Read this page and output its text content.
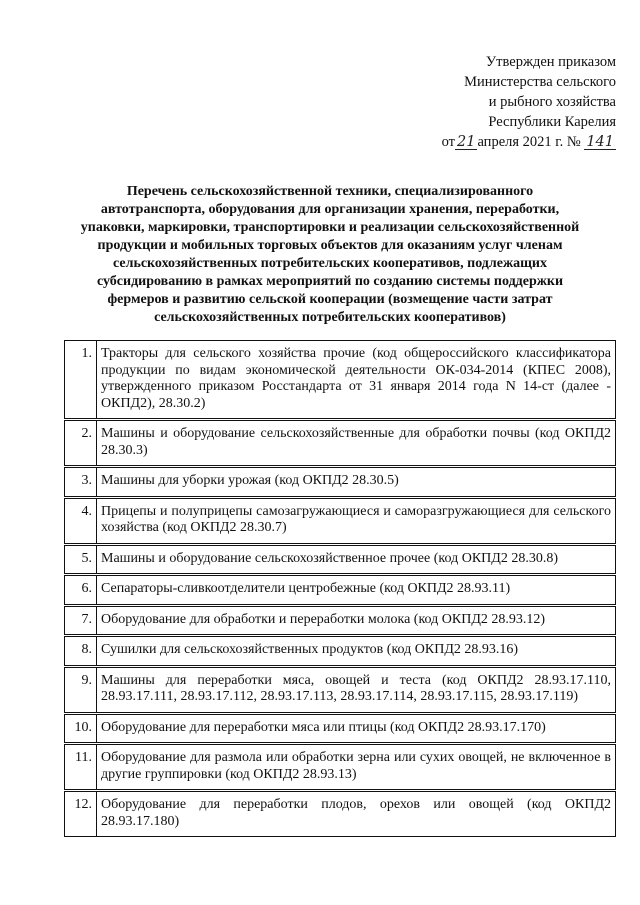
Утвержден приказом
Министерства сельского
и рыбного хозяйства
Республики Карелия
от 21 апреля 2021 г. № 141
Перечень сельскохозяйственной техники, специализированного
автотранспорта, оборудования для организации хранения, переработки,
упаковки, маркировки, транспортировки и реализации сельскохозяйственной
продукции и мобильных торговых объектов для оказаниям услуг членам
сельскохозяйственных потребительских кооперативов, подлежащих
субсидированию в рамках мероприятий по созданию системы поддержки
фермеров и развитию сельской кооперации (возмещение части затрат
сельскохозяйственных потребительских кооперативов)
1.	Тракторы для сельского хозяйства прочие (код общероссийского классификатора продукции по видам экономической деятельности ОК-034-2014 (КПЕС 2008), утвержденного приказом Росстандарта от 31 января 2014 года N 14-ст (далее - ОКПД2), 28.30.2)
2.	Машины и оборудование сельскохозяйственные для обработки почвы (код ОКПД2 28.30.3)
3.	Машины для уборки урожая (код ОКПД2 28.30.5)
4.	Прицепы и полуприцепы самозагружающиеся и саморазгружающиеся для сельского хозяйства (код ОКПД2 28.30.7)
5.	Машины и оборудование сельскохозяйственное прочее (код ОКПД2 28.30.8)
6.	Сепараторы-сливкоотделители центробежные (код ОКПД2 28.93.11)
7.	Оборудование для обработки и переработки молока (код ОКПД2 28.93.12)
8.	Сушилки для сельскохозяйственных продуктов (код ОКПД2 28.93.16)
9.	Машины для переработки мяса, овощей и теста (код ОКПД2 28.93.17.110, 28.93.17.111, 28.93.17.112, 28.93.17.113, 28.93.17.114, 28.93.17.115, 28.93.17.119)
10.	Оборудование для переработки мяса или птицы (код ОКПД2 28.93.17.170)
11.	Оборудование для размола или обработки зерна или сухих овощей, не включенное в другие группировки (код ОКПД2 28.93.13)
12.	Оборудование для переработки плодов, орехов или овощей (код ОКПД2 28.93.17.180)
